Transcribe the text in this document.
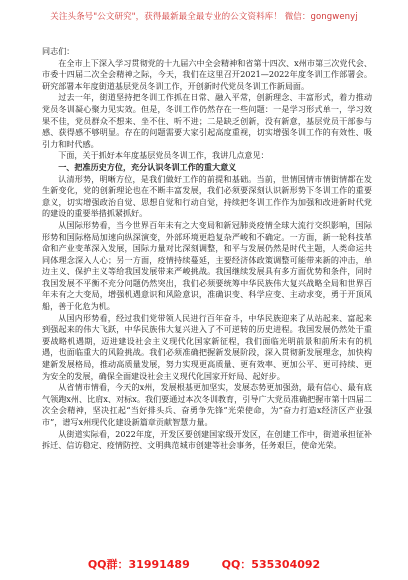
关注头条号"公文研究"，获得最新最全最专业的公文资料库！ 微信：gongwenyj

同志们：

在全市上下深入学习贯彻党的十九届六中全会精神和省第十四次、x州市第三次党代会、市委十四届二次全会精神之际，今天，我们在这里召开2021—2022年度冬训工作部署会。研究部署本年度街道基层党员冬训工作，开创新时代党员冬训工作新局面。

过去一年，街道坚持把冬训工作抓在日常、融入平常，创新理念、丰富形式，着力推动党员冬训凝心聚力见实效。但是，冬训工作仍然存在一些问题：一是学习形式单一，学习效果不佳，党员群众不想来、坐不住、听不进；二是缺乏创新，没有新意，基层党员干部参与感、获得感不够明显。存在的问题需要大家引起高度重视，切实增强冬训工作的有效性、吸引力和时代感。

下面，关于抓好本年度基层党员冬训工作，我讲几点意见：

一、把准历史方位，充分认识冬训工作的重大意义

认清形势，明晰方位，是我们做好工作的前提和基础。当前，世情国情市情街情都在发生新变化，党的创新理论也在不断丰富发展，我们必须要深刻认识新形势下冬训工作的重要意义，切实增强政治自觉、思想自觉和行动自觉，持续把冬训工作作为加强和改进新时代党的建设的重要举措抓紧抓好。

从国际形势看，当今世界百年未有之大变局和新冠肺炎疫情全球大流行交织影响，国际形势和国际格局加速向纵深演变，外部环境更趋复杂严峻和不确定。一方面，新一轮科技革命和产业变革深入发展，国际力量对比深刻调整，和平与发展仍然是时代主题，人类命运共同体理念深入人心；另一方面，疫情持续蔓延，主要经济体政策调整可能带来新的冲击，单边主义、保护主义等给我国发展带来严峻挑战。我国继续发展具有多方面优势和条件，同时我国发展不平衡不充分问题仍然突出，我们必须要统筹中华民族伟大复兴战略全局和世界百年未有之大变局，增强机遇意识和风险意识，准确识变、科学应变、主动求变，勇于开顶风船，善于化危为机。

从国内形势看，经过我们党带领人民进行百年奋斗，中华民族迎来了从站起来、富起来到强起来的伟大飞跃，中华民族伟大复兴进入了不可逆转的历史进程。我国发展仍然处于重要战略机遇期，迈进建设社会主义现代化国家新征程，我们面临光明前景和前所未有的机遇，也面临重大的风险挑战。我们必须准确把握新发展阶段，深入贯彻新发展理念，加快构建新发展格局，推动高质量发展，努力实现更高质量、更有效率、更加公平、更可持续、更为安全的发展，确保全面建设社会主义现代化国家开好局、起好步。

从省情市情看，今天的x州，发展根基更加坚实，发展态势更加强劲，最有信心、最有底气领跑x州、比肩x、对标x。我们要通过本次冬训教育，引导广大党员准确把握市第十四届二次全会精神，坚决扛起“当好排头兵、奋勇争先锋”光荣使命，为“奋力打造x经济区产业强市”，谱写x州现代化建设新篇章贡献智慧力量。

从街道实际看，2022年度，开发区要创建国家级开发区，在创建工作中，街道承担征补拆迁、信访稳定、疫情防控、文明典范城市创建等社会事务，任务艰巨，使命光荣。

QQ群：31991489	QQ：535304092
